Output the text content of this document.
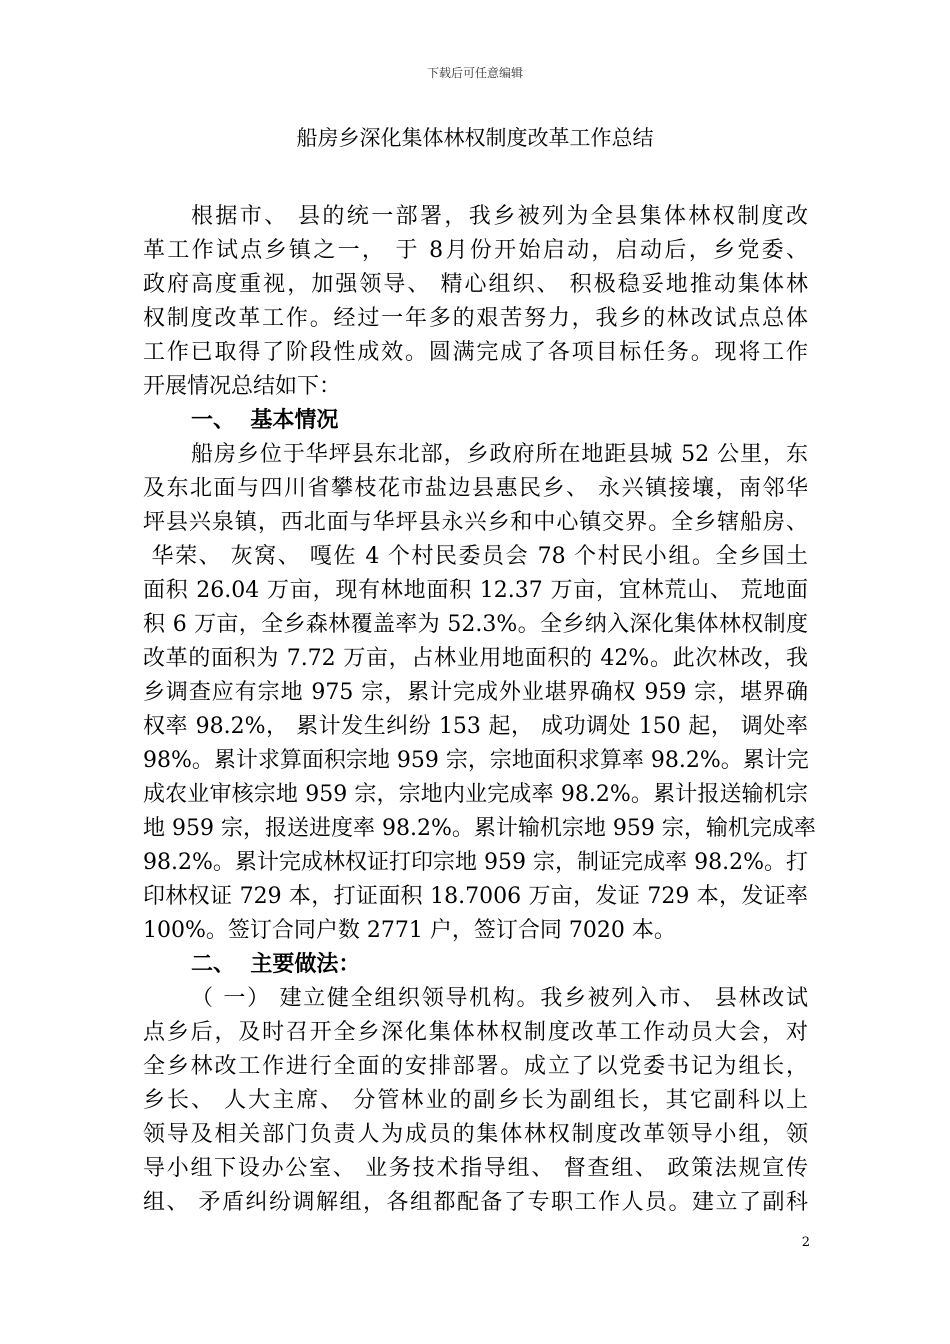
下载后可任意编辑
船房乡深化集体林权制度改革工作总结
根据市、 县的统一部署，我乡被列为全县集体林权制度改
革工作试点乡镇之一， 于 8月份开始启动，启动后，乡党委、
政府高度重视，加强领导、 精心组织、 积极稳妥地推动集体林
权制度改革工作。经过一年多的艰苦努力，我乡的林改试点总体
工作已取得了阶段性成效。圆满完成了各项目标任务。现将工作
开展情况总结如下：
一、  基本情况
船房乡位于华坪县东北部，乡政府所在地距县城 52 公里，东
及东北面与四川省攀枝花市盐边县惠民乡、 永兴镇接壤，南邻华
坪县兴泉镇，西北面与华坪县永兴乡和中心镇交界。全乡辖船房、
华荣、 灰窝、 嘎佐 4 个村民委员会 78 个村民小组。全乡国土
面积 26.04 万亩，现有林地面积 12.37 万亩，宜林荒山、 荒地面
积 6 万亩，全乡森林覆盖率为 52.3%。全乡纳入深化集体林权制度
改革的面积为 7.72 万亩，占林业用地面积的 42%。此次林改，我
乡调查应有宗地 975 宗，累计完成外业堪界确权 959 宗，堪界确
权率 98.2%， 累计发生纠纷 153 起， 成功调处 150 起， 调处率
98%。累计求算面积宗地 959 宗，宗地面积求算率 98.2%。累计完
成农业审核宗地 959 宗，宗地内业完成率 98.2%。累计报送输机宗
地 959 宗，报送进度率 98.2%。累计输机宗地 959 宗，输机完成率
98.2%。累计完成林权证打印宗地 959 宗，制证完成率 98.2%。打
印林权证 729 本，打证面积 18.7006 万亩，发证 729 本，发证率
100%。签订合同户数 2771 户，签订合同 7020 本。
二、  主要做法：
（ 一） 建立健全组织领导机构。我乡被列入市、 县林改试
点乡后，及时召开全乡深化集体林权制度改革工作动员大会，对
全乡林改工作进行全面的安排部署。成立了以党委书记为组长，
乡长、 人大主席、 分管林业的副乡长为副组长，其它副科以上
领导及相关部门负责人为成员的集体林权制度改革领导小组，领
导小组下设办公室、 业务技术指导组、 督查组、 政策法规宣传
组、 矛盾纠纷调解组，各组都配备了专职工作人员。建立了副科
2
